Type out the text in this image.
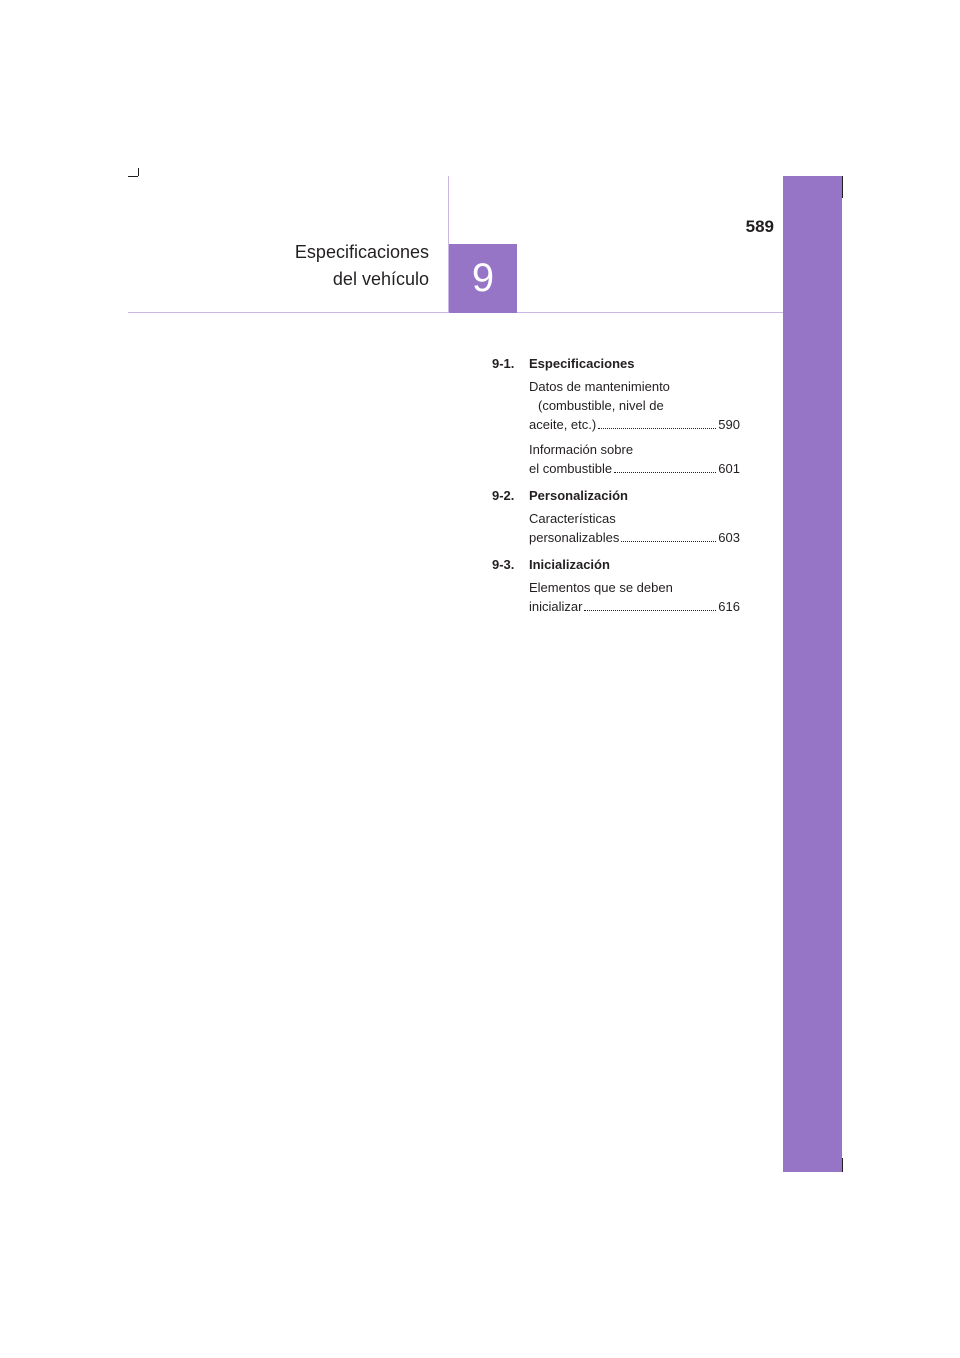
589
Especificaciones
del vehículo	9
9-1.	Especificaciones
Datos de mantenimiento
(combustible, nivel de
aceite, etc.)	590
Información sobre
el combustible	601
9-2.	Personalización
Características
personalizables	603
9-3.	Inicialización
Elementos que se deben
inicializar	616
